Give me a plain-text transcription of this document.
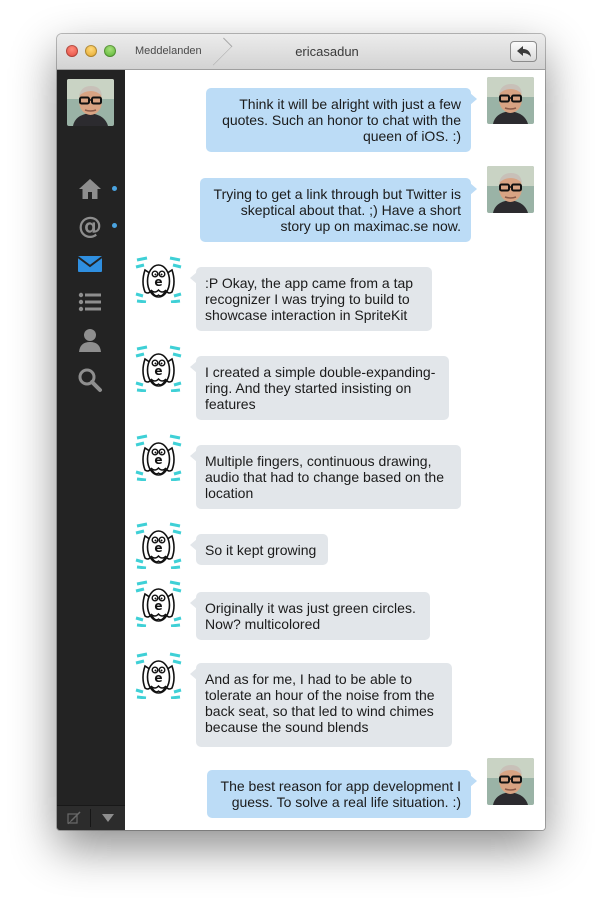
Meddelanden	ericasadun
@
Think it will be alright with just a few
quotes. Such an honor to chat with the
queen of iOS. :)
Trying to get a link through but Twitter is
skeptical about that. ;) Have a short
story up on maximac.se now.
:P Okay, the app came from a tap
recognizer I was trying to build to
showcase interaction in SpriteKit
I created a simple double-expanding-
ring. And they started insisting on
features
Multiple fingers, continuous drawing,
audio that had to change based on the
location
So it kept growing
Originally it was just green circles.
Now? multicolored
And as for me, I had to be able to
tolerate an hour of the noise from the
back seat, so that led to wind chimes
because the sound blends
The best reason for app development I
guess. To solve a real life situation. :)
